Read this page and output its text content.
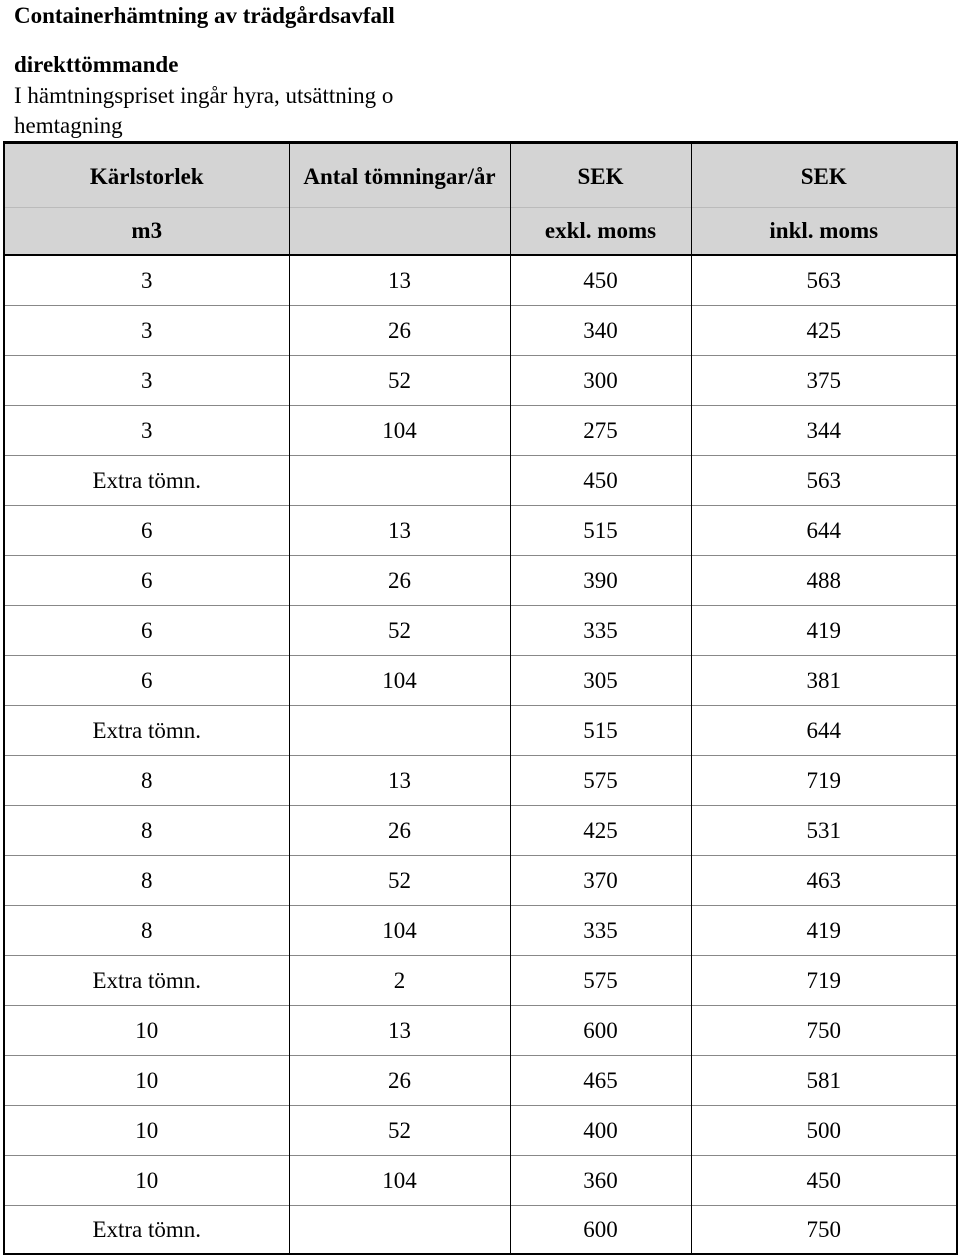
Containerhämtning av trädgårdsavfall
direkttömmande
I hämtningspriset ingår hyra, utsättning o hemtagning
Kärlstorlek	Antal tömningar/år	SEK	SEK
m3		exkl. moms	inkl. moms
3	13	450	563
3	26	340	425
3	52	300	375
3	104	275	344
Extra tömn.		450	563
6	13	515	644
6	26	390	488
6	52	335	419
6	104	305	381
Extra tömn.		515	644
8	13	575	719
8	26	425	531
8	52	370	463
8	104	335	419
Extra tömn.	2	575	719
10	13	600	750
10	26	465	581
10	52	400	500
10	104	360	450
Extra tömn.		600	750
